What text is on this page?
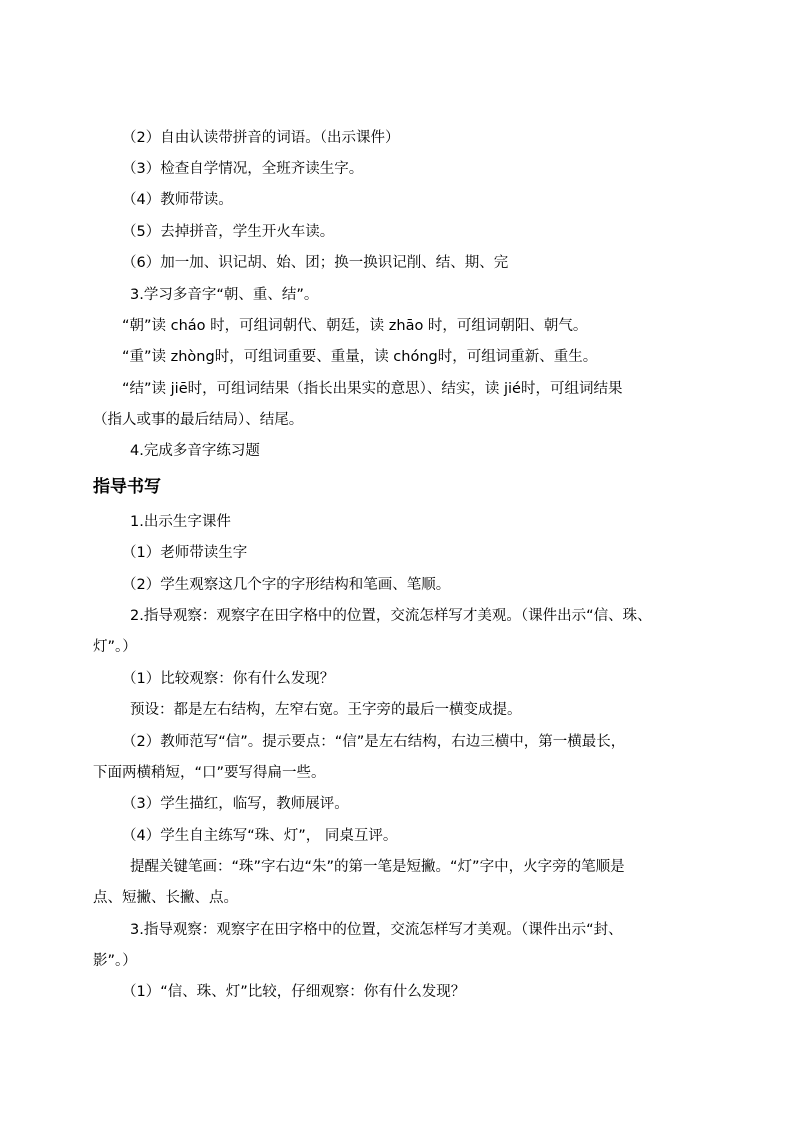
（2）自由认读带拼音的词语。（出示课件）
（3）检查自学情况，全班齐读生字。
（4）教师带读。
（5）去掉拼音，学生开火车读。
（6）加一加、识记胡、始、团；换一换识记削、结、期、完
3.学习多音字“朝、重、结”。
“朝”读 cháo 时，可组词朝代、朝廷，读 zhāo 时，可组词朝阳、朝气。
“重”读 zhòng时，可组词重要、重量，读 chóng时，可组词重新、重生。
“结”读 jiē时，可组词结果（指长出果实的意思）、结实，读 jié时，可组词结果
（指人或事的最后结局）、结尾。
4.完成多音字练习题
指导书写
1.出示生字课件
（1）老师带读生字
（2）学生观察这几个字的字形结构和笔画、笔顺。
2.指导观察：观察字在田字格中的位置，交流怎样写才美观。（课件出示“信、珠、
灯”。）
（1）比较观察：你有什么发现？
预设：都是左右结构，左窄右宽。王字旁的最后一横变成提。
（2）教师范写“信”。提示要点：“信”是左右结构，右边三横中，第一横最长，
下面两横稍短，“口”要写得扁一些。
（3）学生描红，临写，教师展评。
（4）学生自主练写“珠、灯”， 同桌互评。
提醒关键笔画：“珠”字右边“朱”的第一笔是短撇。“灯”字中，火字旁的笔顺是
点、短撇、长撇、点。
3.指导观察：观察字在田字格中的位置，交流怎样写才美观。（课件出示“封、
影”。）
（1）“信、珠、灯”比较，仔细观察：你有什么发现？
